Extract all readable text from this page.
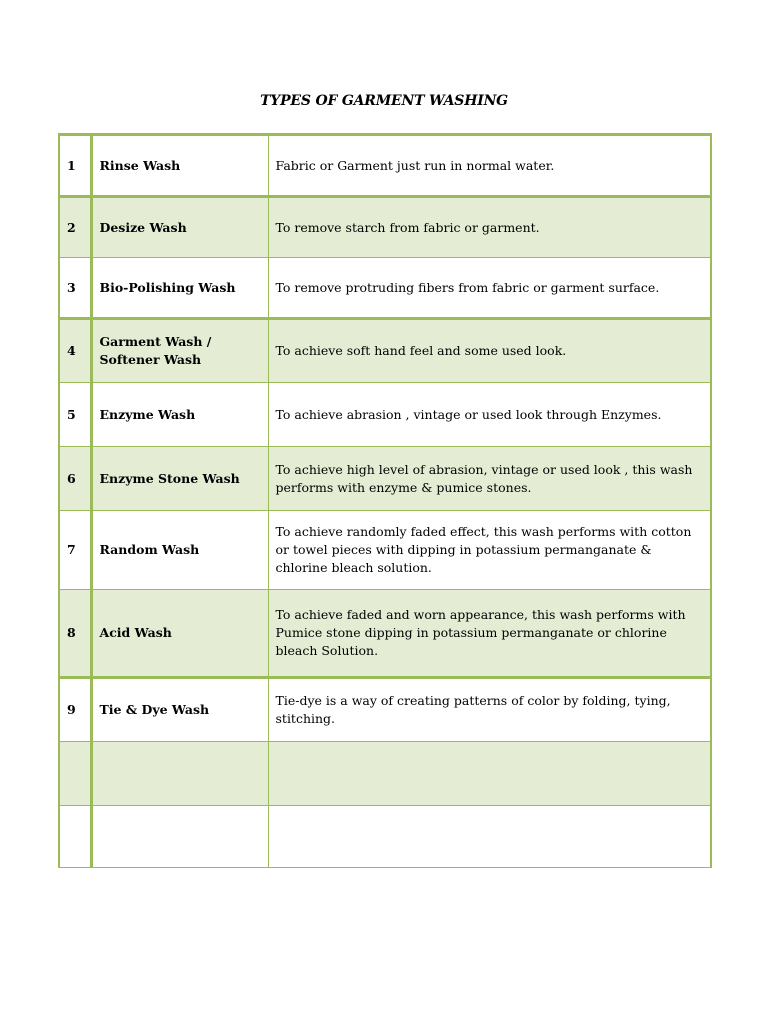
TYPES OF GARMENT WASHING
1	Rinse Wash	Fabric or Garment just run in normal water.
2	Desize Wash	To remove starch from fabric or garment.
3	Bio-Polishing Wash	To remove protruding fibers from fabric or garment surface.
4	Garment Wash / Softener Wash	To achieve soft hand feel and some used look.
5	Enzyme Wash	To achieve abrasion , vintage or used look through Enzymes.
6	Enzyme Stone Wash	To achieve high level of abrasion, vintage or used look , this wash performs with enzyme & pumice stones.
7	Random Wash	To achieve randomly faded effect, this wash performs with cotton or towel pieces with dipping in potassium permanganate & chlorine bleach solution.
8	Acid Wash	To achieve faded and worn appearance, this wash performs with Pumice stone dipping in potassium permanganate or chlorine bleach Solution.
9	Tie & Dye Wash	Tie-dye is a way of creating patterns of color by folding, tying, stitching.
